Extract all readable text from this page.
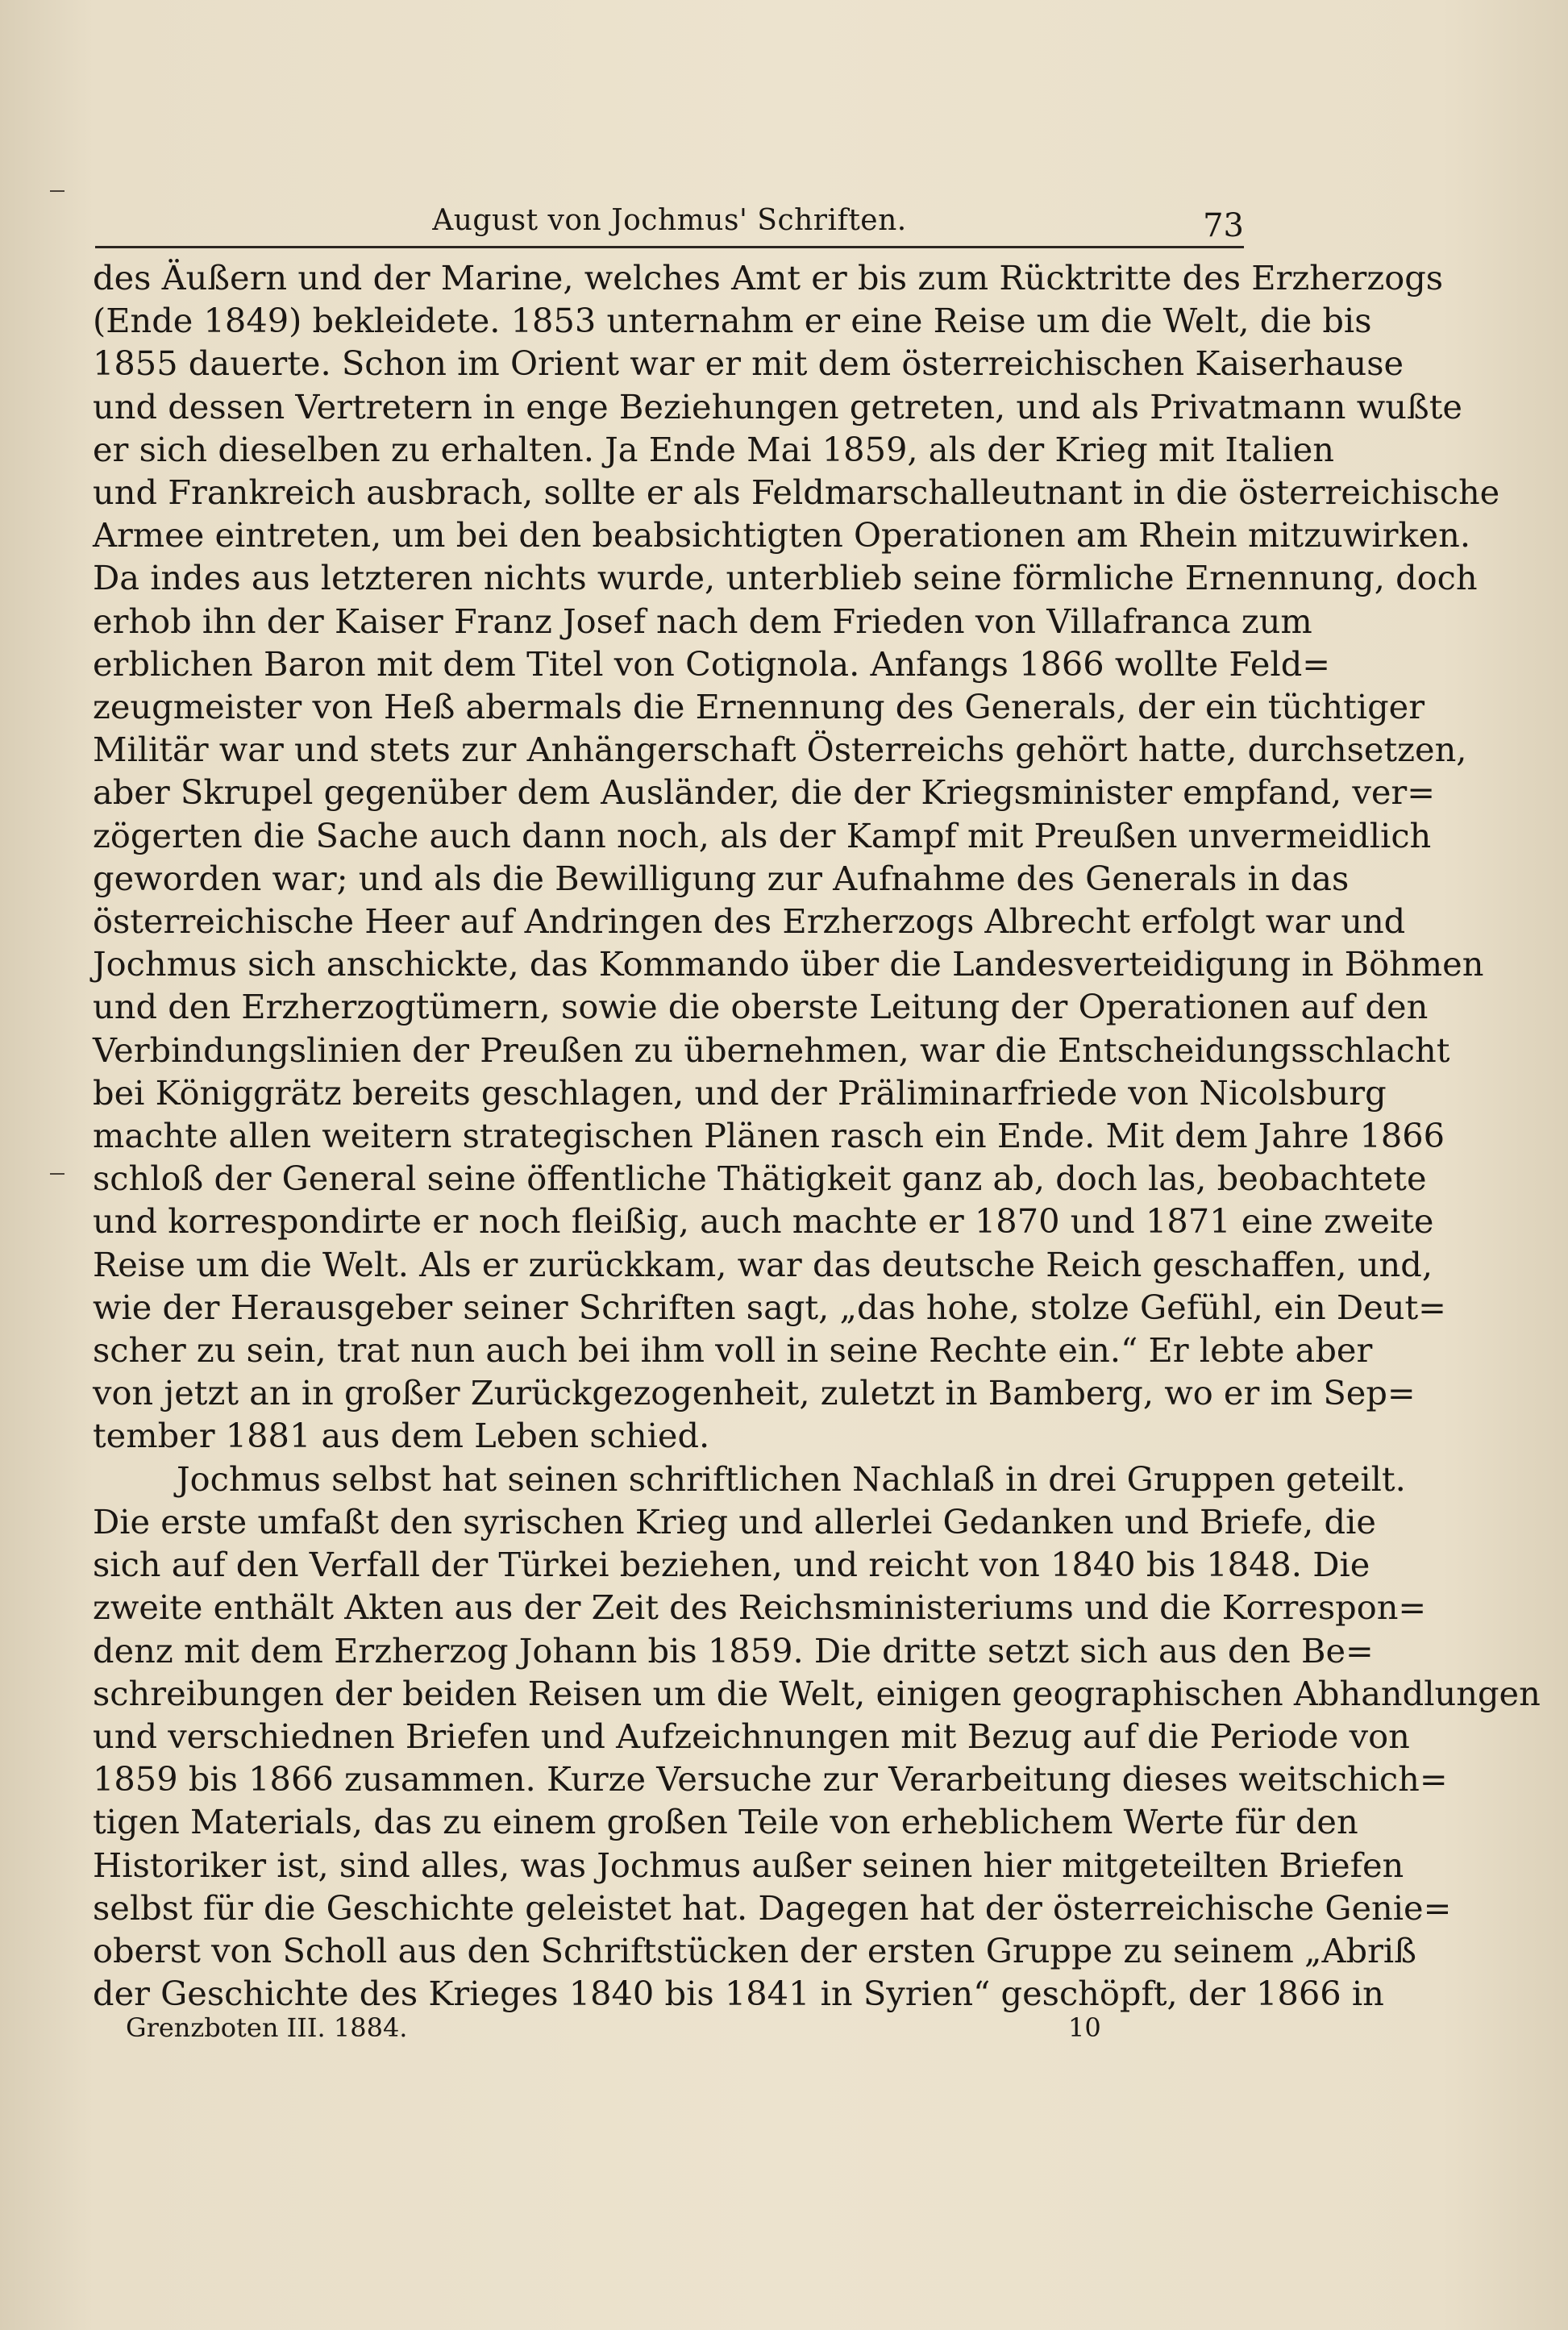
August von Jochmus' Schriften.	73
des Äußern und der Marine, welches Amt er bis zum Rücktritte des Erzherzogs
(Ende 1849) bekleidete. 1853 unternahm er eine Reise um die Welt, die bis
1855 dauerte. Schon im Orient war er mit dem österreichischen Kaiserhause
und dessen Vertretern in enge Beziehungen getreten, und als Privatmann wußte
er sich dieselben zu erhalten. Ja Ende Mai 1859, als der Krieg mit Italien
und Frankreich ausbrach, sollte er als Feldmarschalleutnant in die österreichische
Armee eintreten, um bei den beabsichtigten Operationen am Rhein mitzuwirken.
Da indes aus letzteren nichts wurde, unterblieb seine förmliche Ernennung, doch
erhob ihn der Kaiser Franz Josef nach dem Frieden von Villafranca zum
erblichen Baron mit dem Titel von Cotignola. Anfangs 1866 wollte Feld=
zeugmeister von Heß abermals die Ernennung des Generals, der ein tüchtiger
Militär war und stets zur Anhängerschaft Österreichs gehört hatte, durchsetzen,
aber Skrupel gegenüber dem Ausländer, die der Kriegsminister empfand, ver=
zögerten die Sache auch dann noch, als der Kampf mit Preußen unvermeidlich
geworden war; und als die Bewilligung zur Aufnahme des Generals in das
österreichische Heer auf Andringen des Erzherzogs Albrecht erfolgt war und
Jochmus sich anschickte, das Kommando über die Landesverteidigung in Böhmen
und den Erzherzogtümern, sowie die oberste Leitung der Operationen auf den
Verbindungslinien der Preußen zu übernehmen, war die Entscheidungsschlacht
bei Königgrätz bereits geschlagen, und der Präliminarfriede von Nicolsburg
machte allen weitern strategischen Plänen rasch ein Ende. Mit dem Jahre 1866
schloß der General seine öffentliche Thätigkeit ganz ab, doch las, beobachtete
und korrespondirte er noch fleißig, auch machte er 1870 und 1871 eine zweite
Reise um die Welt. Als er zurückkam, war das deutsche Reich geschaffen, und,
wie der Herausgeber seiner Schriften sagt, „das hohe, stolze Gefühl, ein Deut=
scher zu sein, trat nun auch bei ihm voll in seine Rechte ein.“ Er lebte aber
von jetzt an in großer Zurückgezogenheit, zuletzt in Bamberg, wo er im Sep=
tember 1881 aus dem Leben schied.
Jochmus selbst hat seinen schriftlichen Nachlaß in drei Gruppen geteilt.
Die erste umfaßt den syrischen Krieg und allerlei Gedanken und Briefe, die
sich auf den Verfall der Türkei beziehen, und reicht von 1840 bis 1848. Die
zweite enthält Akten aus der Zeit des Reichsministeriums und die Korrespon=
denz mit dem Erzherzog Johann bis 1859. Die dritte setzt sich aus den Be=
schreibungen der beiden Reisen um die Welt, einigen geographischen Abhandlungen
und verschiednen Briefen und Aufzeichnungen mit Bezug auf die Periode von
1859 bis 1866 zusammen. Kurze Versuche zur Verarbeitung dieses weitschich=
tigen Materials, das zu einem großen Teile von erheblichem Werte für den
Historiker ist, sind alles, was Jochmus außer seinen hier mitgeteilten Briefen
selbst für die Geschichte geleistet hat. Dagegen hat der österreichische Genie=
oberst von Scholl aus den Schriftstücken der ersten Gruppe zu seinem „Abriß
der Geschichte des Krieges 1840 bis 1841 in Syrien“ geschöpft, der 1866 in
Grenzboten III. 1884.	10
